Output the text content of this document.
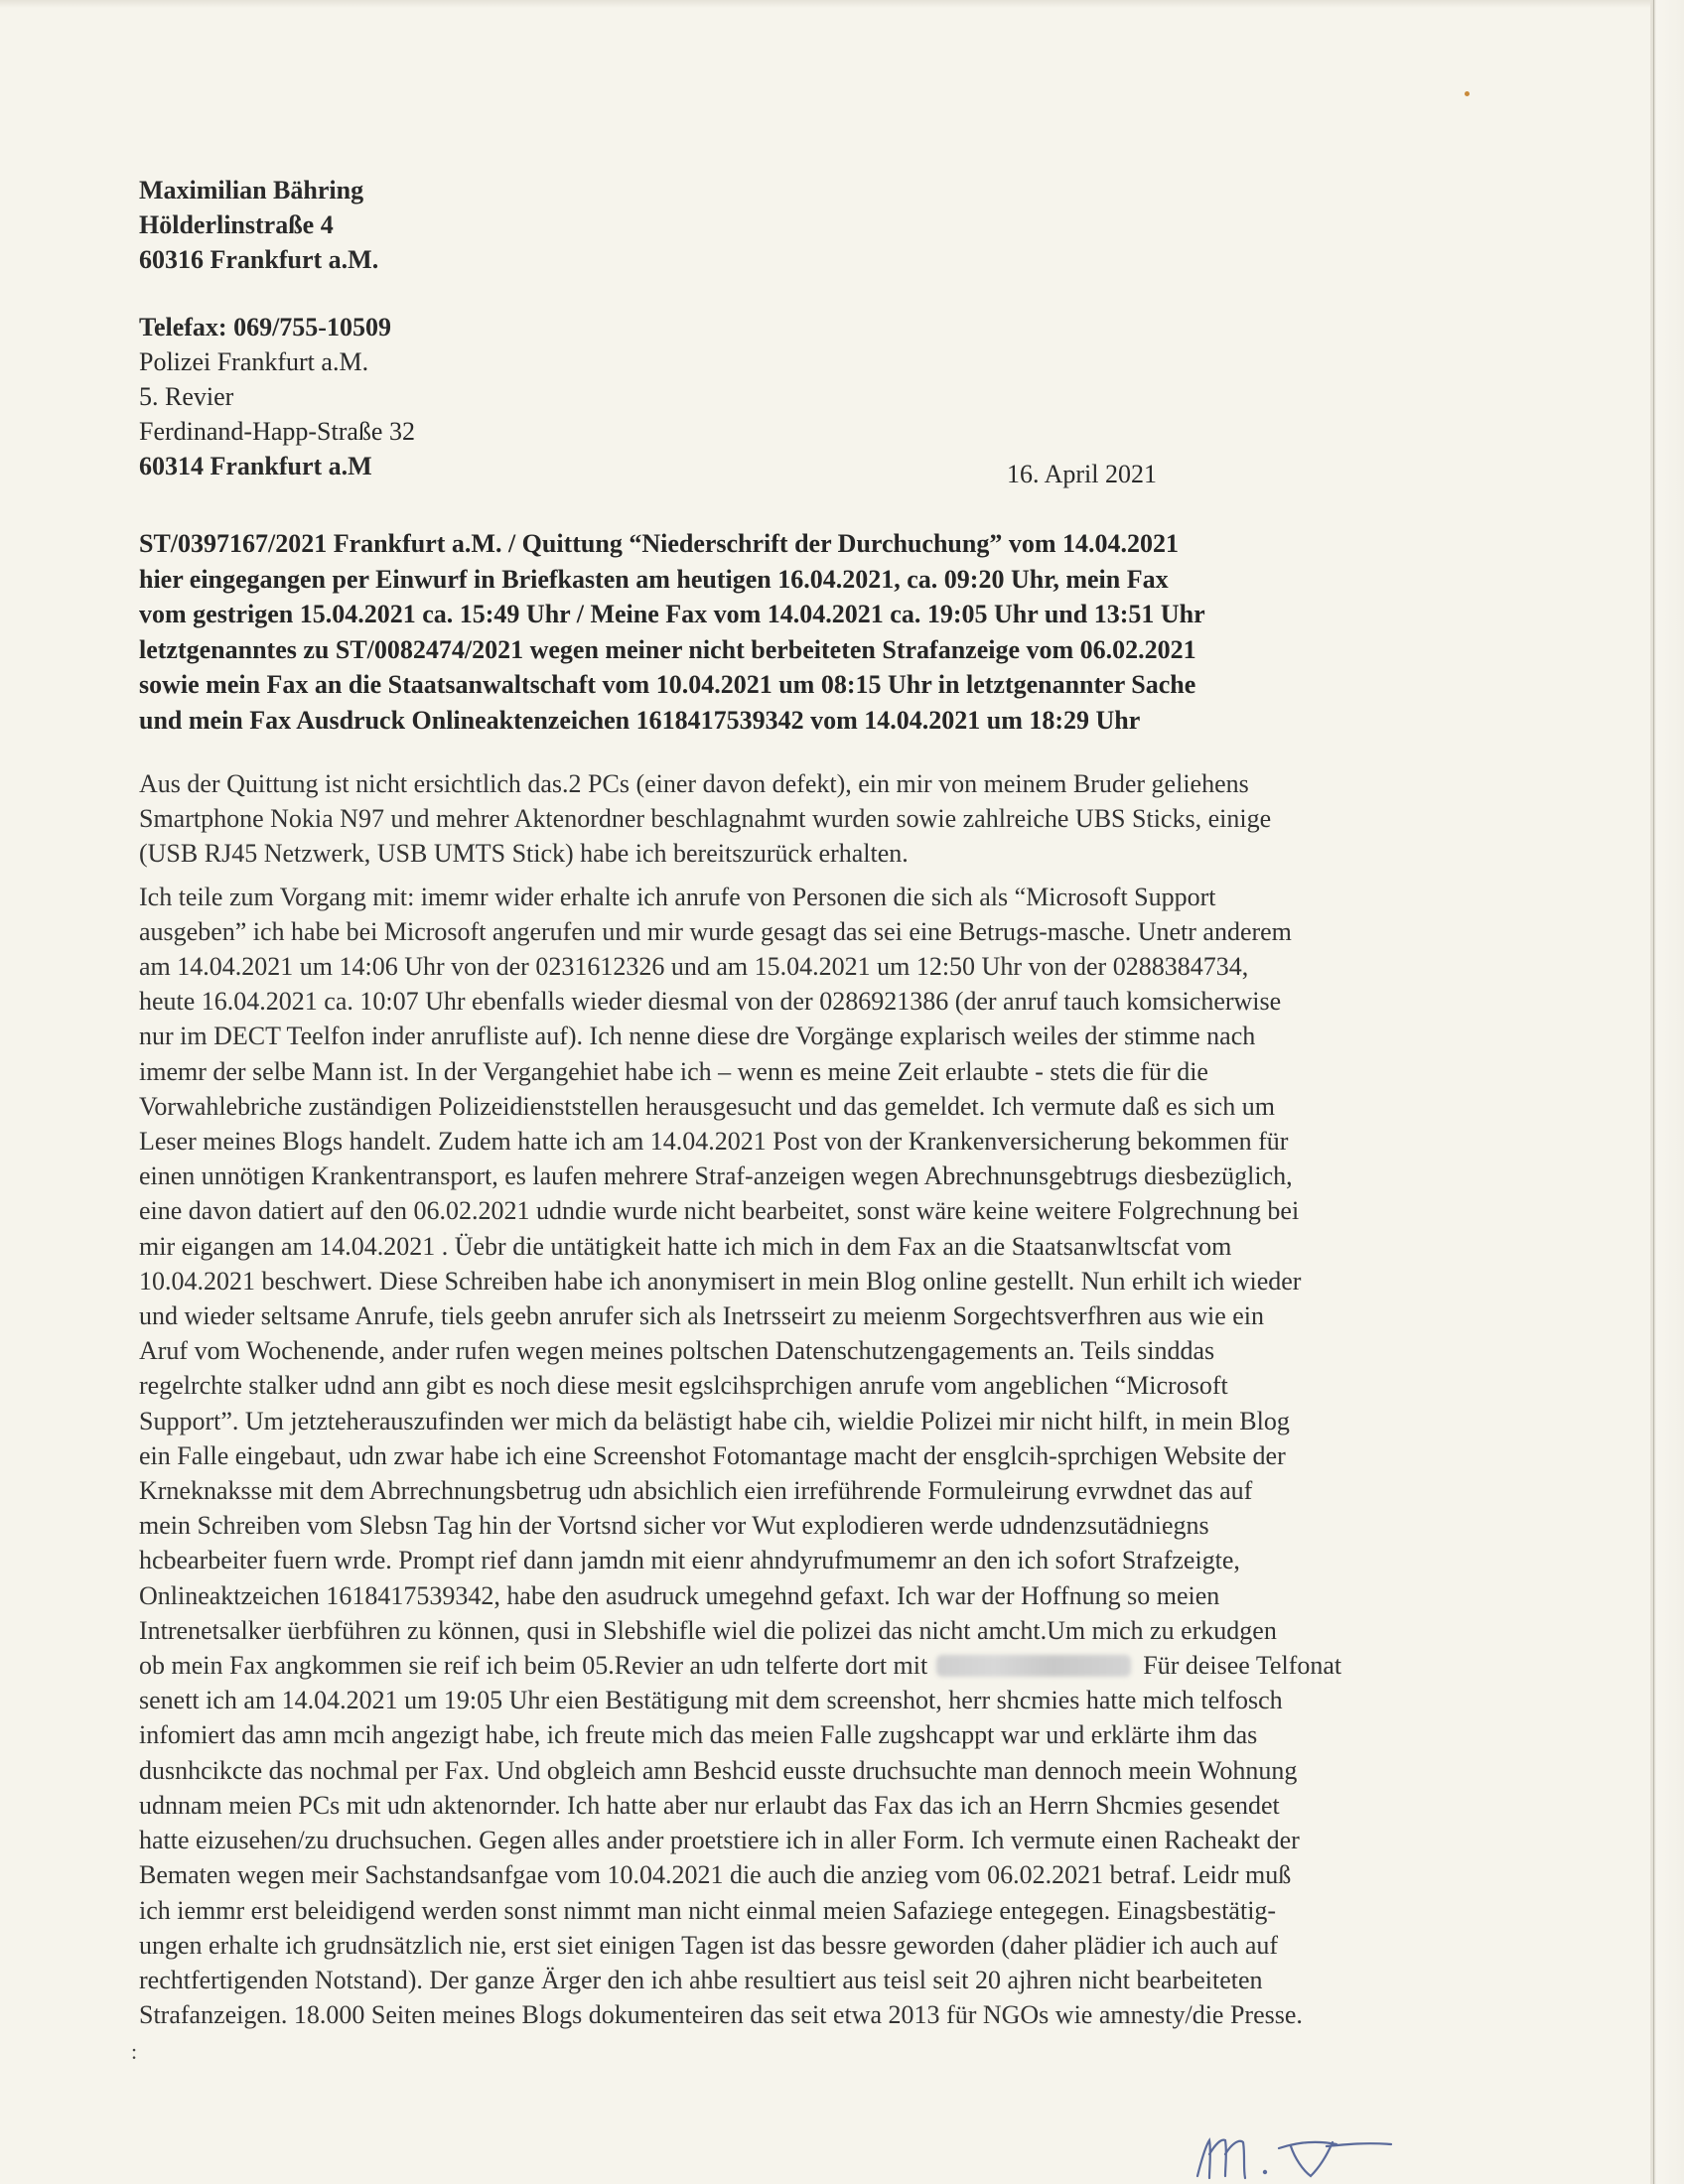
Maximilian Bähring
Hölderlinstraße 4
60316 Frankfurt a.M.
Telefax: 069/755-10509
Polizei Frankfurt a.M.
5. Revier
Ferdinand-Happ-Straße 32
60314 Frankfurt a.M	16. April 2021
ST/0397167/2021 Frankfurt a.M. / Quittung “Niederschrift der Durchuchung” vom 14.04.2021
hier eingegangen per Einwurf in Briefkasten am heutigen 16.04.2021, ca. 09:20 Uhr, mein Fax
vom gestrigen 15.04.2021 ca. 15:49 Uhr / Meine Fax vom 14.04.2021 ca. 19:05 Uhr und 13:51 Uhr
letztgenanntes zu ST/0082474/2021 wegen meiner nicht berbeiteten Strafanzeige vom 06.02.2021
sowie mein Fax an die Staatsanwaltschaft vom 10.04.2021 um 08:15 Uhr in letztgenannter Sache
und mein Fax Ausdruck Onlineaktenzeichen 1618417539342 vom 14.04.2021 um 18:29 Uhr
Aus der Quittung ist nicht ersichtlich das.2 PCs (einer davon defekt), ein mir von meinem Bruder geliehens
Smartphone Nokia N97 und mehrer Aktenordner beschlagnahmt wurden sowie zahlreiche UBS Sticks, einige
(USB RJ45 Netzwerk, USB UMTS Stick) habe ich bereitszurück erhalten.
Ich teile zum Vorgang mit: imemr wider erhalte ich anrufe von Personen die sich als “Microsoft Support
ausgeben” ich habe bei Microsoft angerufen und mir wurde gesagt das sei eine Betrugs-masche. Unetr anderem
am 14.04.2021 um 14:06 Uhr von der 0231612326 und am 15.04.2021 um 12:50 Uhr von der 0288384734,
heute 16.04.2021 ca. 10:07 Uhr ebenfalls wieder diesmal von der 0286921386 (der anruf tauch komsicherwise
nur im DECT Teelfon inder anrufliste auf). Ich nenne diese dre Vorgänge explarisch weiles der stimme nach
imemr der selbe Mann ist. In der Vergangehiet habe ich – wenn es meine Zeit erlaubte - stets die für die
Vorwahlebriche zuständigen Polizeidienststellen herausgesucht und das gemeldet. Ich vermute daß es sich um
Leser meines Blogs handelt. Zudem hatte ich am 14.04.2021 Post von der Krankenversicherung bekommen für
einen unnötigen Krankentransport, es laufen mehrere Straf-anzeigen wegen Abrechnunsgebtrugs diesbezüglich,
eine davon datiert auf den 06.02.2021 udndie wurde nicht bearbeitet, sonst wäre keine weitere Folgrechnung bei
mir eigangen am 14.04.2021 . Üebr die untätigkeit hatte ich mich in dem Fax an die Staatsanwltscfat vom
10.04.2021 beschwert. Diese Schreiben habe ich anonymisert in mein Blog online gestellt. Nun erhilt ich wieder
und wieder seltsame Anrufe, tiels geebn anrufer sich als Inetrsseirt zu meienm Sorgechtsverfhren aus wie ein
Aruf vom Wochenende, ander rufen wegen meines poltschen Datenschutzengagements an. Teils sinddas
regelrchte stalker udnd ann gibt es noch diese mesit egslcihsprchigen anrufe vom angeblichen “Microsoft
Support”. Um jetzteherauszufinden wer mich da belästigt habe cih, wieldie Polizei mir nicht hilft, in mein Blog
ein Falle eingebaut, udn zwar habe ich eine Screenshot Fotomantage macht der ensglcih-sprchigen Website der
Krneknaksse mit dem Abrrechnungsbetrug udn absichlich eien irreführende Formuleirung evrwdnet das auf
mein Schreiben vom Slebsn Tag hin der Vortsnd sicher vor Wut explodieren werde udndenzsutädniegns
hcbearbeiter fuern wrde. Prompt rief dann jamdn mit eienr ahndyrufmumemr an den ich sofort Strafzeigte,
Onlineaktzeichen 1618417539342, habe den asudruck umegehnd gefaxt. Ich war der Hoffnung so meien
Intrenetsalker üerbführen zu können, qusi in Slebshifle wiel die polizei das nicht amcht.Um mich zu erkudgen
ob mein Fax angkommen sie reif ich beim 05.Revier an udn telferte dort mit	Für deisee Telfonat
senett ich am 14.04.2021 um 19:05 Uhr eien Bestätigung mit dem screenshot, herr shcmies hatte mich telfosch
infomiert das amn mcih angezigt habe, ich freute mich das meien Falle zugshcappt war und erklärte ihm das
dusnhcikcte das nochmal per Fax. Und obgleich amn Beshcid eusste druchsuchte man dennoch meein Wohnung
udnnam meien PCs mit udn aktenornder. Ich hatte aber nur erlaubt das Fax das ich an Herrn Shcmies gesendet
hatte eizusehen/zu druchsuchen. Gegen alles ander proetstiere ich in aller Form. Ich vermute einen Racheakt der
Bematen wegen meir Sachstandsanfgae vom 10.04.2021 die auch die anzieg vom 06.02.2021 betraf. Leidr muß
ich iemmr erst beleidigend werden sonst nimmt man nicht einmal meien Safaziege entegegen. Einagsbestätig-
ungen erhalte ich grudnsätzlich nie, erst siet einigen Tagen ist das bessre geworden (daher plädier ich auch auf
rechtfertigenden Notstand). Der ganze Ärger den ich ahbe resultiert aus teisl seit 20 ajhren nicht bearbeiteten
Strafanzeigen. 18.000 Seiten meines Blogs dokumenteiren das seit etwa 2013 für NGOs wie amnesty/die Presse.
:
